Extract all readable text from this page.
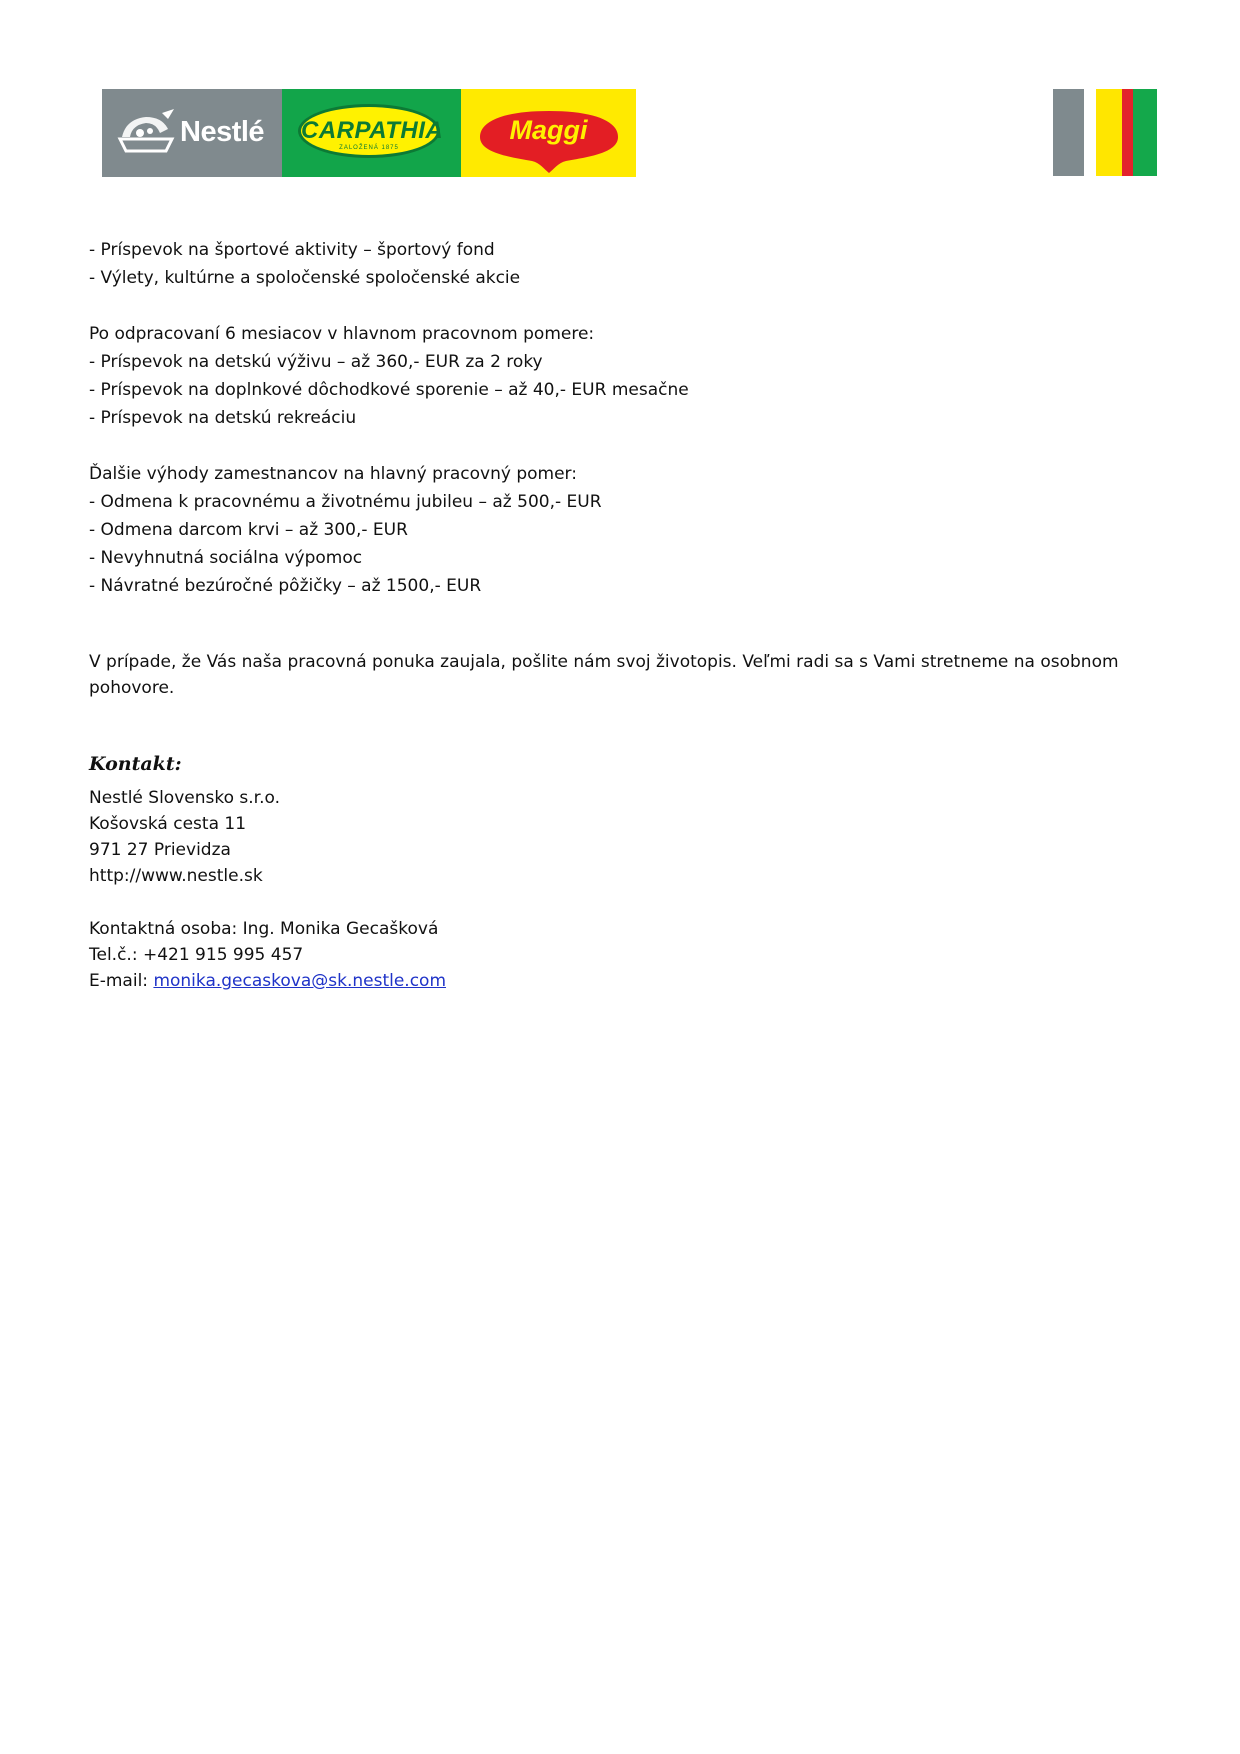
Nestlé CARPATHIA
ZALOŽENÁ 1875
Maggi
- Príspevok na športové aktivity – športový fond
- Výlety, kultúrne a spoločenské spoločenské akcie
Po odpracovaní 6 mesiacov v hlavnom pracovnom pomere:
- Príspevok na detskú výživu – až 360,- EUR za 2 roky
- Príspevok na doplnkové dôchodkové sporenie – až 40,- EUR mesačne
- Príspevok na detskú rekreáciu
Ďalšie výhody zamestnancov na hlavný pracovný pomer:
- Odmena k pracovnému a životnému jubileu – až 500,- EUR
- Odmena darcom krvi – až 300,- EUR
- Nevyhnutná sociálna výpomoc
- Návratné bezúročné pôžičky – až 1500,- EUR

V prípade, že Vás naša pracovná ponuka zaujala, pošlite nám svoj životopis. Veľmi radi sa s Vami stretneme na osobnom pohovore.

Kontakt:
Nestlé Slovensko s.r.o.
Košovská cesta 11
971 27 Prievidza
http://www.nestle.sk
Kontaktná osoba: Ing. Monika Gecašková
Tel.č.: +421 915 995 457
E-mail: monika.gecaskova@sk.nestle.com
